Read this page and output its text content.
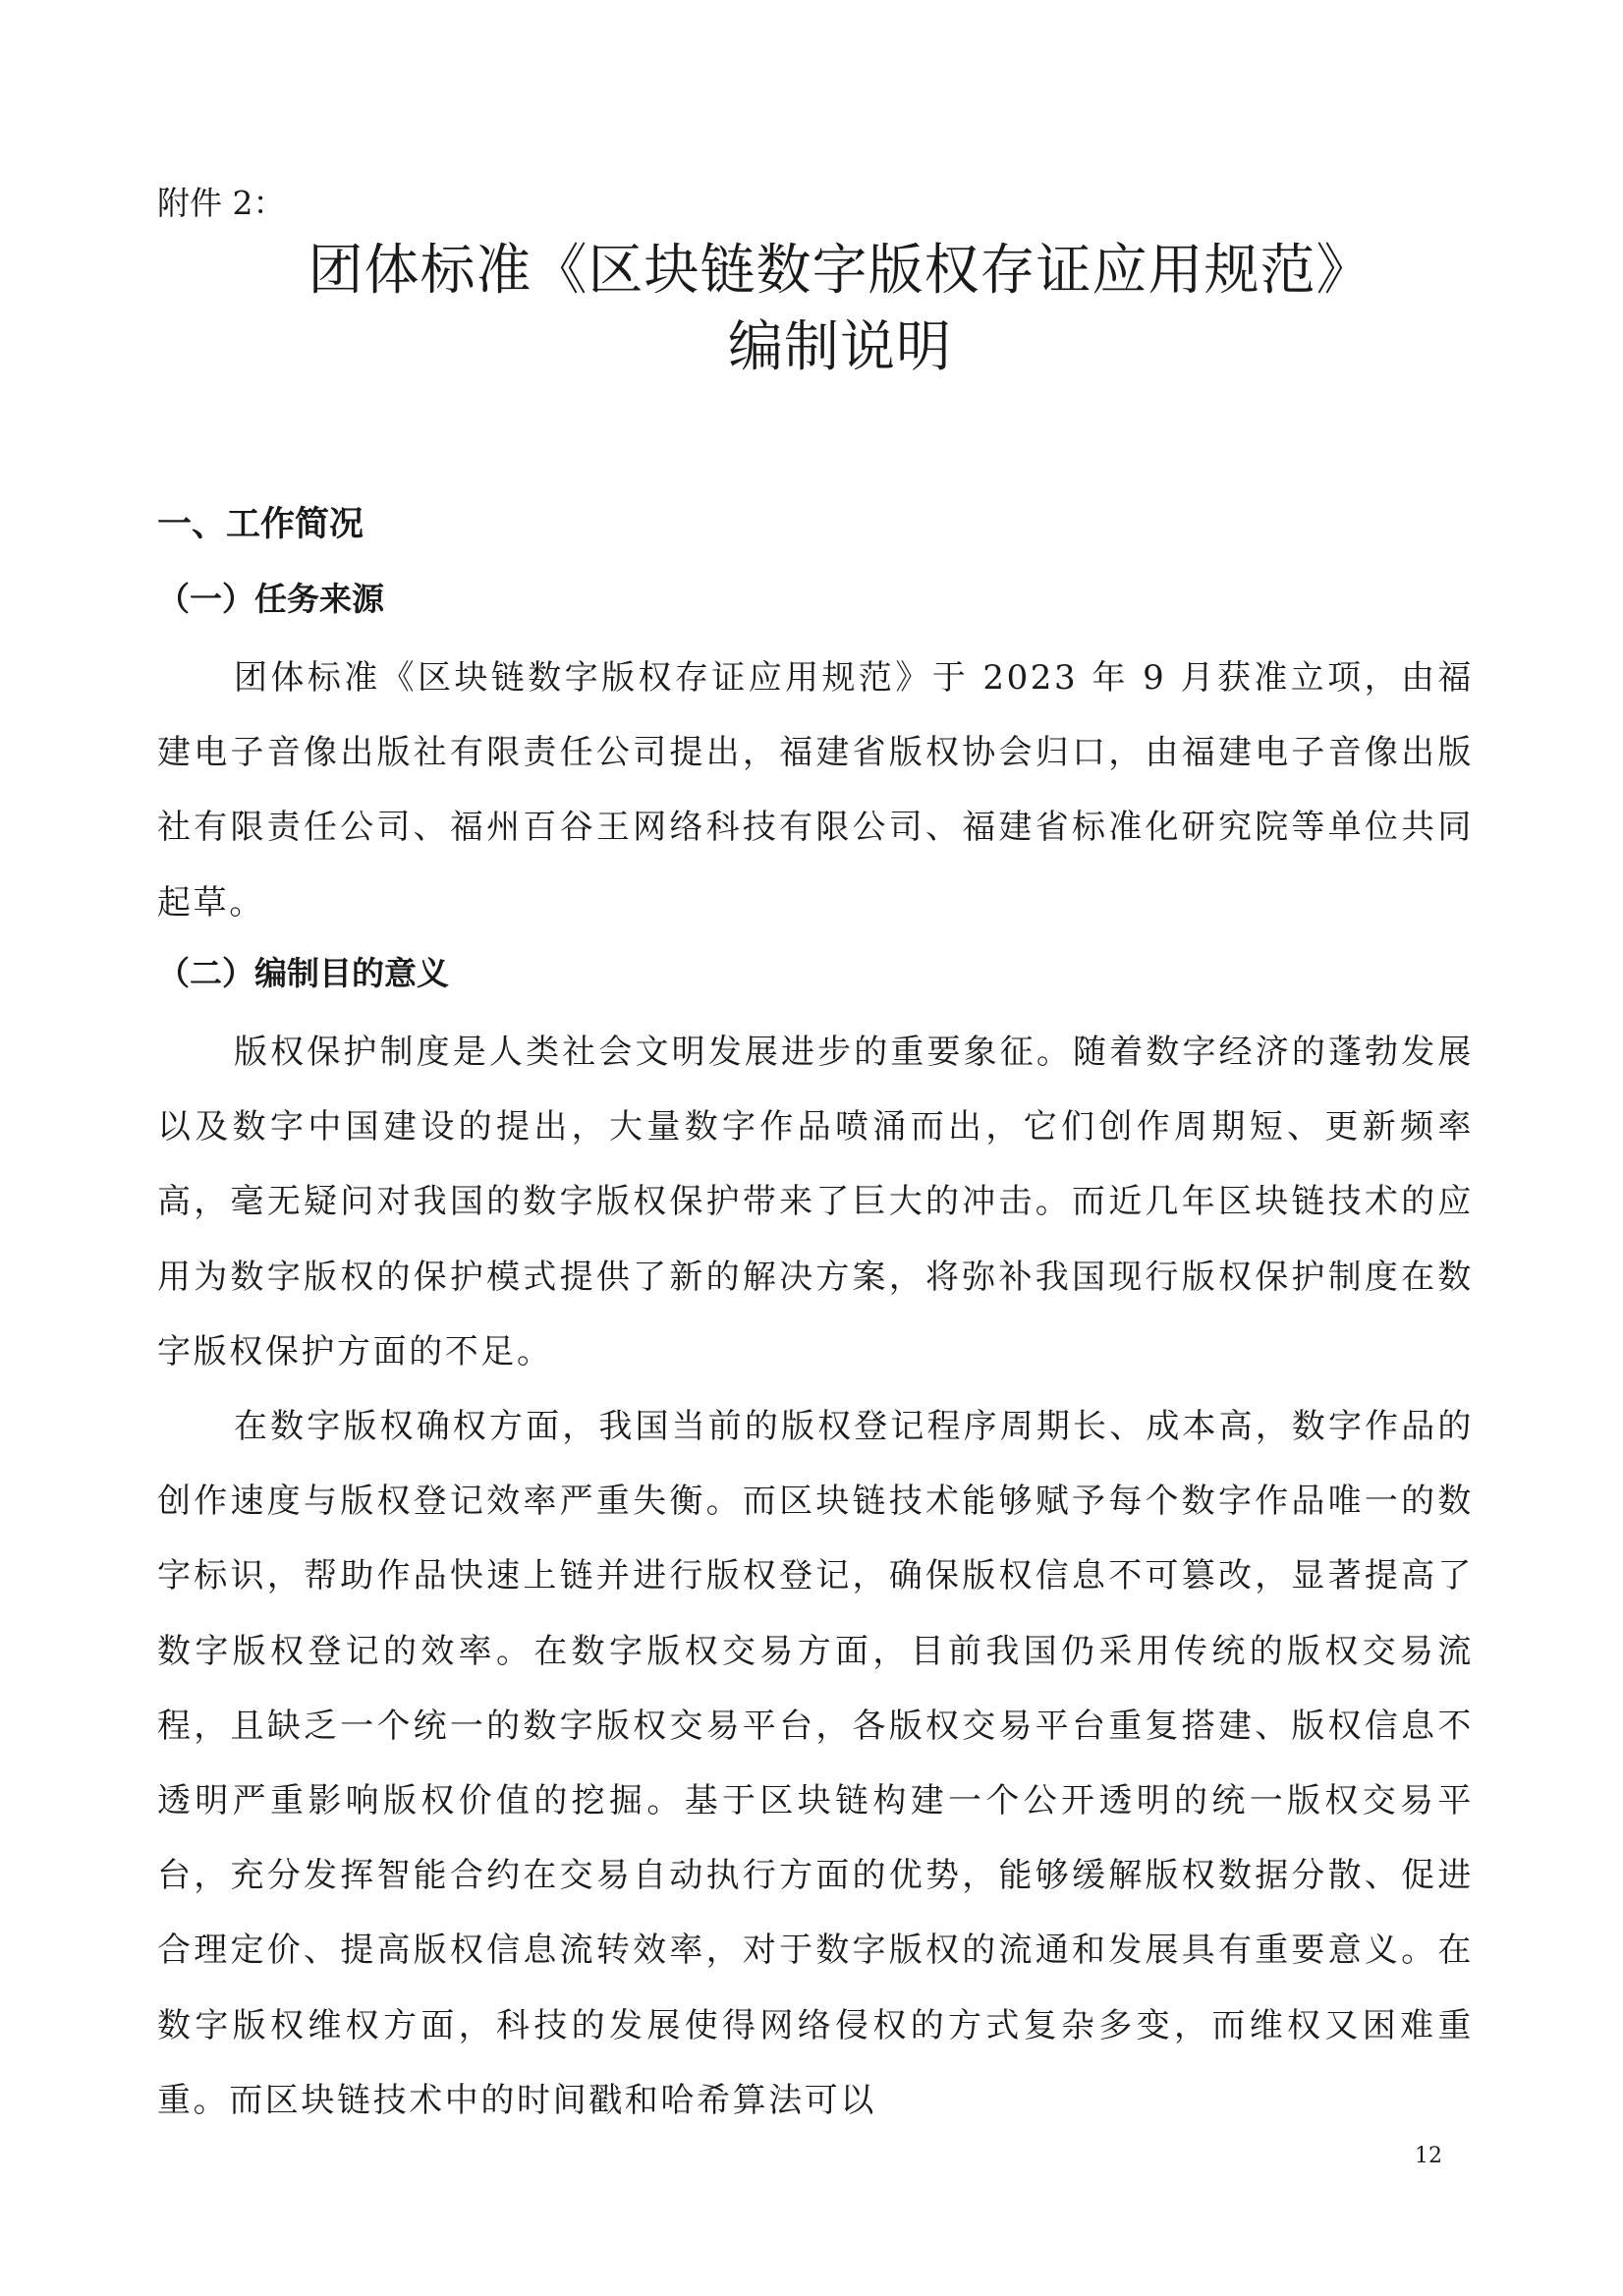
附件 2：
团体标准《区块链数字版权存证应用规范》
编制说明
一、工作简况
（一）任务来源

团体标准《区块链数字版权存证应用规范》于 2023 年 9 月获准立项，由福建电子音像出版社有限责任公司提出，福建省版权协会归口，由福建电子音像出版社有限责任公司、福州百谷王网络科技有限公司、福建省标准化研究院等单位共同起草。

（二）编制目的意义

版权保护制度是人类社会文明发展进步的重要象征。随着数字经济的蓬勃发展以及数字中国建设的提出，大量数字作品喷涌而出，它们创作周期短、更新频率高，毫无疑问对我国的数字版权保护带来了巨大的冲击。而近几年区块链技术的应用为数字版权的保护模式提供了新的解决方案，将弥补我国现行版权保护制度在数字版权保护方面的不足。

在数字版权确权方面，我国当前的版权登记程序周期长、成本高，数字作品的创作速度与版权登记效率严重失衡。而区块链技术能够赋予每个数字作品唯一的数字标识，帮助作品快速上链并进行版权登记，确保版权信息不可篡改，显著提高了数字版权登记的效率。在数字版权交易方面，目前我国仍采用传统的版权交易流程，且缺乏一个统一的数字版权交易平台，各版权交易平台重复搭建、版权信息不透明严重影响版权价值的挖掘。基于区块链构建一个公开透明的统一版权交易平台，充分发挥智能合约在交易自动执行方面的优势，能够缓解版权数据分散、促进合理定价、提高版权信息流转效率，对于数字版权的流通和发展具有重要意义。在数字版权维权方面，科技的发展使得网络侵权的方式复杂多变，而维权又困难重重。而区块链技术中的时间戳和哈希算法可以

12
